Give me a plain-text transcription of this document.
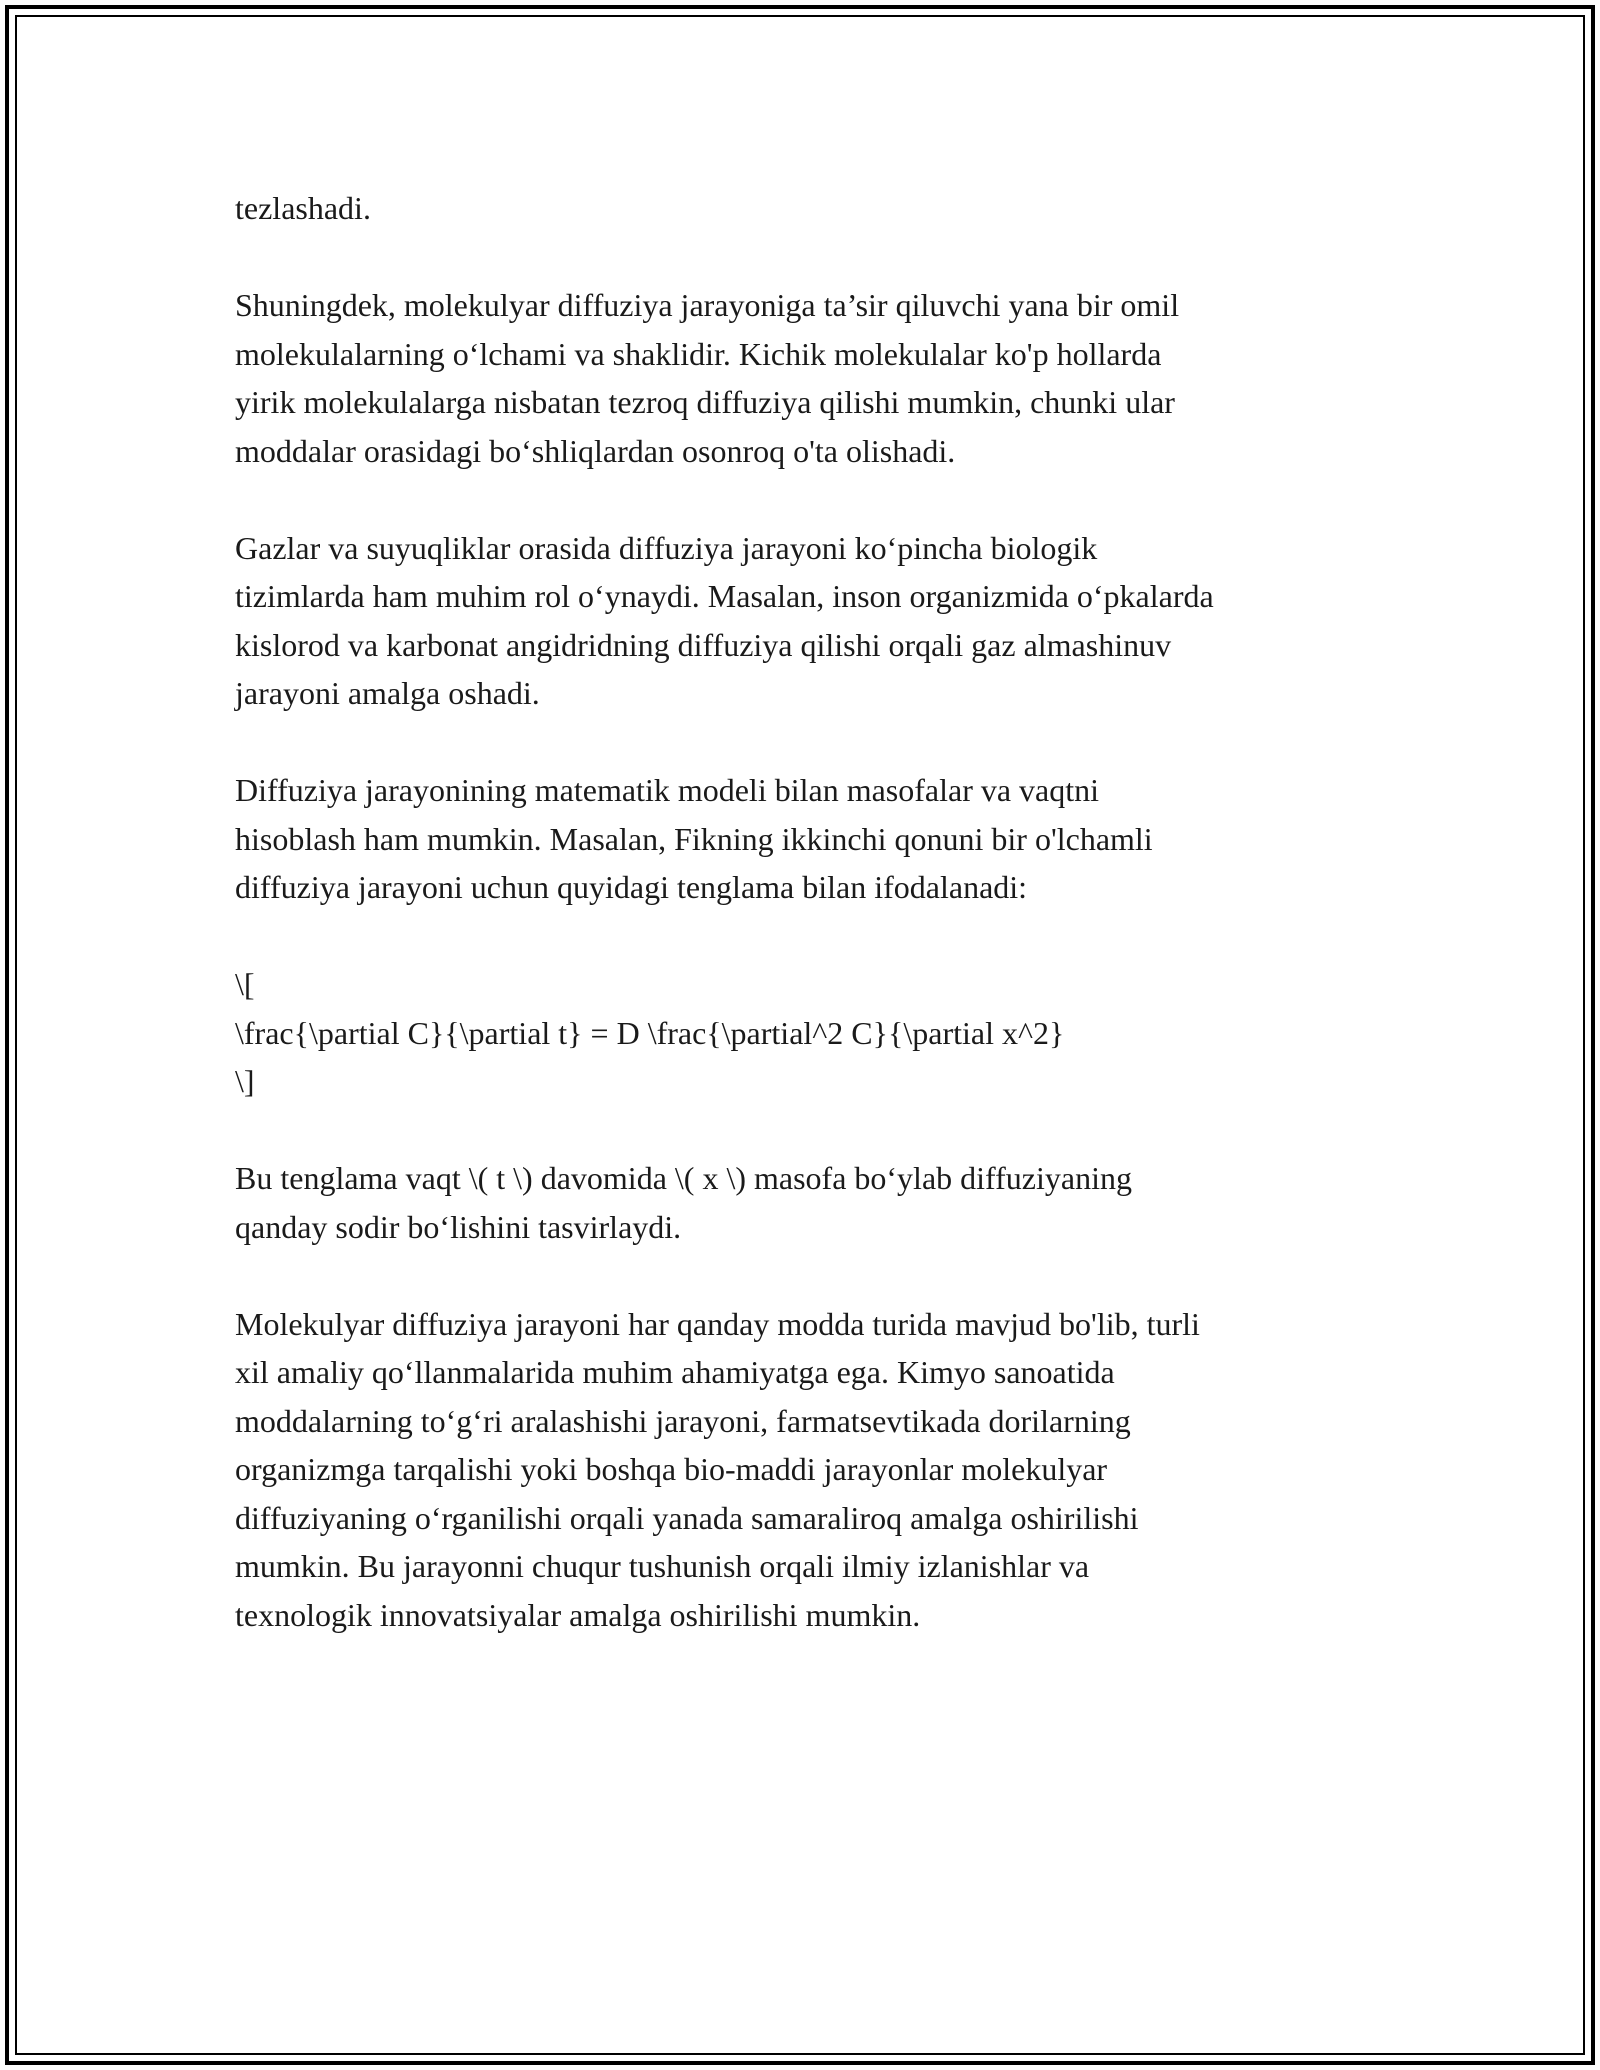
tezlashadi.

Shuningdek, molekulyar diffuziya jarayoniga ta’sir qiluvchi yana bir omil
molekulalarning o‘lchami va shaklidir. Kichik molekulalar ko'p hollarda
yirik molekulalarga nisbatan tezroq diffuziya qilishi mumkin, chunki ular
moddalar orasidagi bo‘shliqlardan osonroq o'ta olishadi.

Gazlar va suyuqliklar orasida diffuziya jarayoni ko‘pincha biologik
tizimlarda ham muhim rol o‘ynaydi. Masalan, inson organizmida o‘pkalarda
kislorod va karbonat angidridning diffuziya qilishi orqali gaz almashinuv
jarayoni amalga oshadi.

Diffuziya jarayonining matematik modeli bilan masofalar va vaqtni
hisoblash ham mumkin. Masalan, Fikning ikkinchi qonuni bir o'lchamli
diffuziya jarayoni uchun quyidagi tenglama bilan ifodalanadi:

\[
\frac{\partial C}{\partial t} = D \frac{\partial^2 C}{\partial x^2}
\]

Bu tenglama vaqt \( t \) davomida \( x \) masofa bo‘ylab diffuziyaning
qanday sodir bo‘lishini tasvirlaydi.

Molekulyar diffuziya jarayoni har qanday modda turida mavjud bo'lib, turli
xil amaliy qo‘llanmalarida muhim ahamiyatga ega. Kimyo sanoatida
moddalarning to‘g‘ri aralashishi jarayoni, farmatsevtikada dorilarning
organizmga tarqalishi yoki boshqa bio-maddi jarayonlar molekulyar
diffuziyaning o‘rganilishi orqali yanada samaraliroq amalga oshirilishi
mumkin. Bu jarayonni chuqur tushunish orqali ilmiy izlanishlar va
texnologik innovatsiyalar amalga oshirilishi mumkin.
